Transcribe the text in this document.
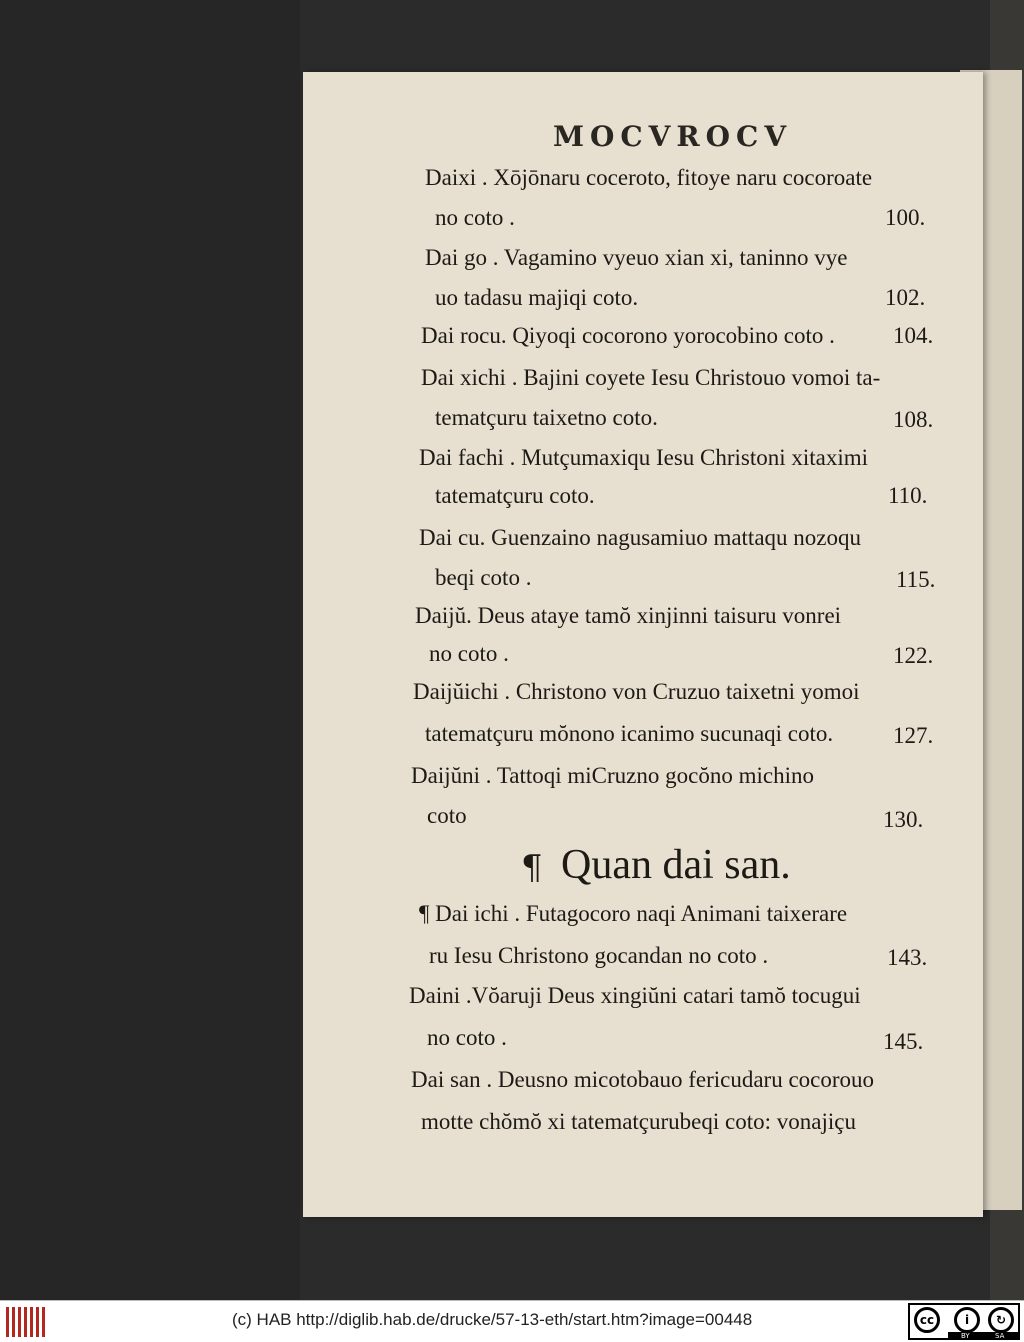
MOCVROCV
Daixi . Xōjōnaru coceroto, fitoye naru cocoroate
no coto .	100.
Dai go . Vagamino vyeuo xian xi, taninno vye
uo tadasu majiqi coto.	102.
Dai rocu. Qiyoqi cocorono yorocobino coto .	104.
Dai xichi . Bajini coyete Iesu Christouo vomoi ta-
tematçuru taixetno coto.	108.
Dai fachi . Mutçumaxiqu Iesu Christoni xitaximi
tatematçuru coto.	110.
Dai cu. Guenzaino nagusamiuo mattaqu nozoqu
beqi coto .	115.
Daijŭ. Deus ataye tamŏ xinjinni taisuru vonrei
no coto .	122.
Daijŭichi . Christono von Cruzuo taixetni yomoi
tatematçuru mŏnono icanimo sucunaqi coto.	127.
Daijŭni . Tattoqi miCruzno gocŏno michino
coto	130.
¶ Quan dai san.
¶ Dai ichi . Futagocoro naqi Animani taixerare
ru Iesu Christono gocandan no coto .	143.
Daini .Vŏaruji Deus xingiŭni catari tamŏ tocugui
no coto .	145.
Dai san . Deusno micotobauo fericudaru cocorouo
motte chŏmŏ xi tatematçurubeqi coto: vonajiçu
(c) HAB http://diglib.hab.de/drucke/57-13-eth/start.htm?image=00448	cc	i	↻
BY	SA
